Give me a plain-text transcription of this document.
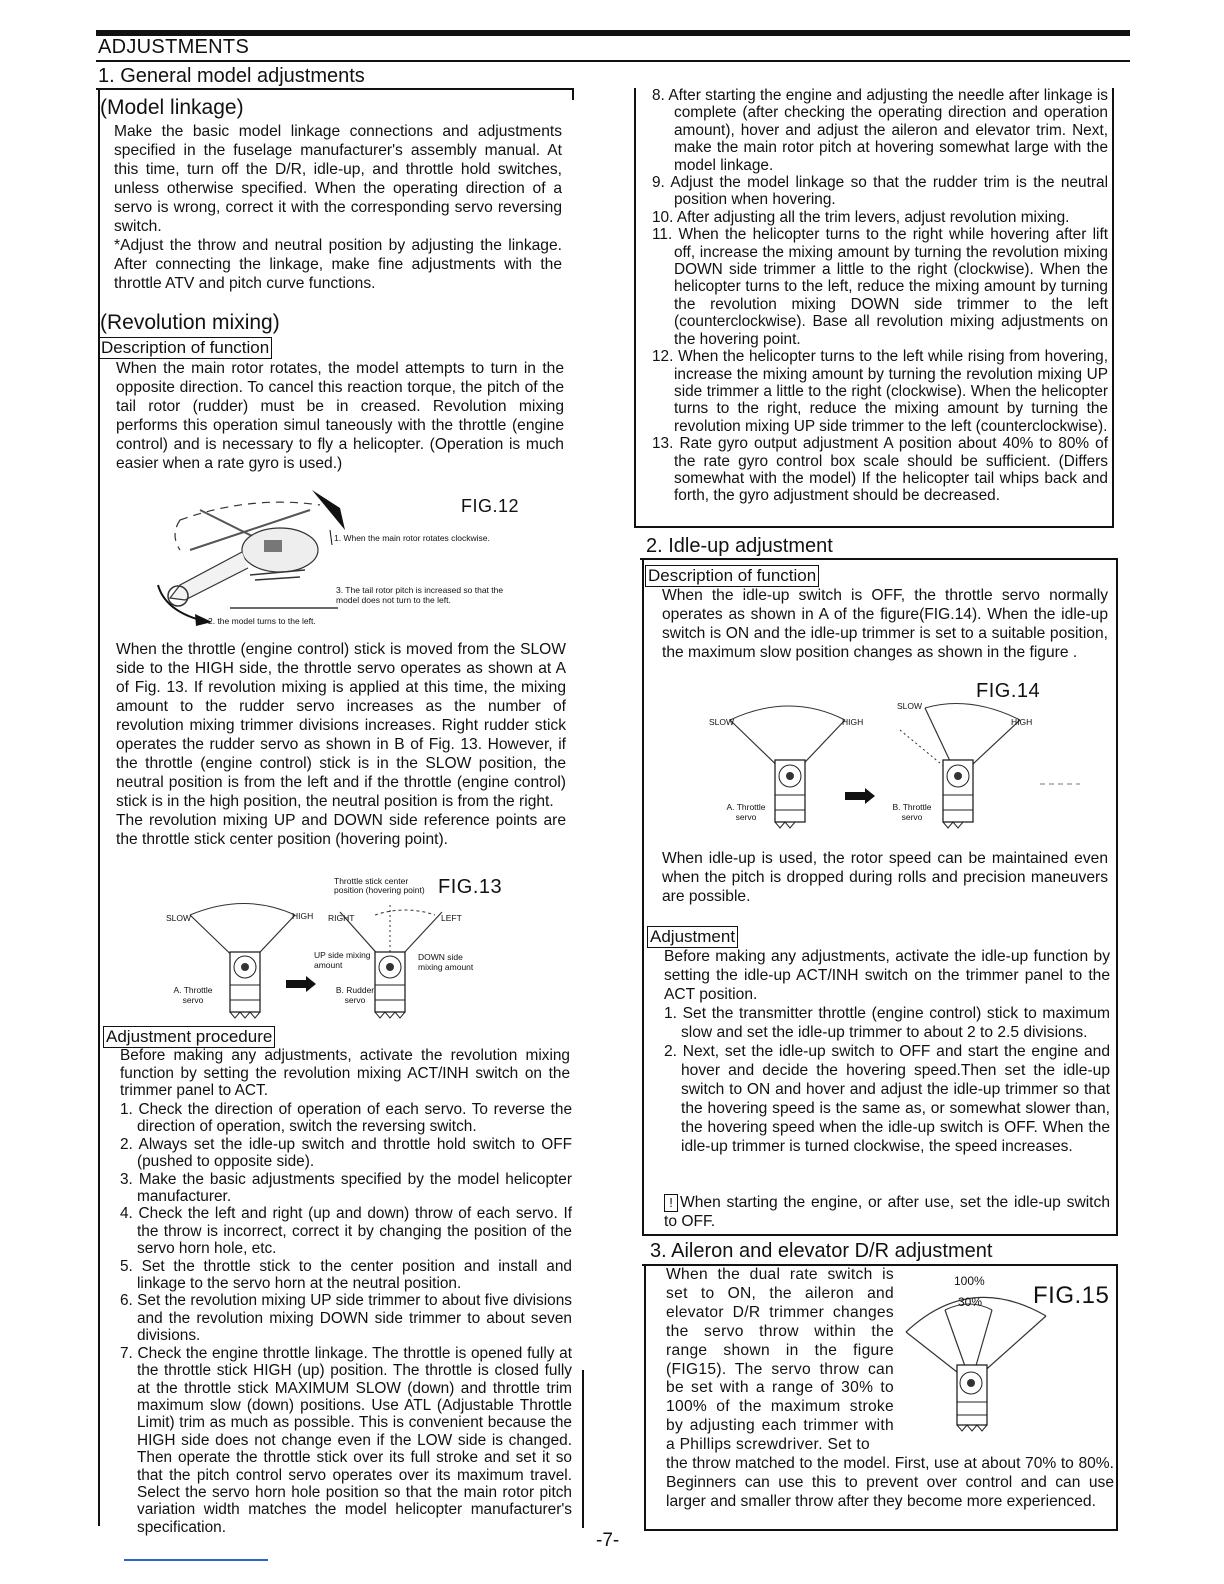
ADJUSTMENTS
1. General model adjustments
(Model linkage)

Make the basic model linkage connections and adjustments specified in the fuselage manufacturer's assembly manual. At this time, turn off the D/R, idle-up, and throttle hold switches, unless otherwise specified. When the operating direction of a servo is wrong, correct it with the corresponding servo reversing switch.

*Adjust the throw and neutral position by adjusting the linkage. After connecting the linkage, make fine adjustments with the throttle ATV and pitch curve functions.

(Revolution mixing)
Description of function
When the main rotor rotates, the model attempts to turn in the opposite direction. To cancel this reaction torque, the pitch of the tail rotor (rudder) must be in creased. Revolution mixing performs this operation simul taneously with the throttle (engine control) and is necessary to fly a helicopter. (Operation is much easier when a rate gyro is used.)
FIG.12
1. When the main rotor rotates clockwise.
3. The tail rotor pitch is increased so that the model does not turn to the left.
2. the model turns to the left.

When the throttle (engine control) stick is moved from the SLOW side to the HIGH side, the throttle servo operates as shown at A of Fig. 13. If revolution mixing is applied at this time, the mixing amount to the rudder servo increases as the number of revolution mixing trimmer divisions increases. Right rudder stick operates the rudder servo as shown in B of Fig. 13. However, if the throttle (engine control) stick is in the SLOW position, the neutral position is from the left and if the throttle (engine control) stick is in the high position, the neutral position is from the right.

The revolution mixing UP and DOWN side reference points are the throttle stick center position (hovering point).

Throttle stick center position (hovering point) FIG.13
SLOW	HIGH RIGHT	LEFT
UP side mixing amount
DOWN side mixing amount
A. Throttle servo
B. Rudder servo
Adjustment procedure
Before making any adjustments, activate the revolution mixing function by setting the revolution mixing ACT/INH switch on the trimmer panel to ACT.
1. Check the direction of operation of each servo. To reverse the direction of operation, switch the reversing switch.
2. Always set the idle-up switch and throttle hold switch to OFF (pushed to opposite side).
3. Make the basic adjustments specified by the model helicopter manufacturer.
4. Check the left and right (up and down) throw of each servo. If the throw is incorrect, correct it by changing the position of the servo horn hole, etc.
5. Set the throttle stick to the center position and install and linkage to the servo horn at the neutral position.
6. Set the revolution mixing UP side trimmer to about five divisions and the revolution mixing DOWN side trimmer to about seven divisions.
7. Check the engine throttle linkage. The throttle is opened fully at the throttle stick HIGH (up) position. The throttle is closed fully at the throttle stick MAXIMUM SLOW (down) and throttle trim maximum slow (down) positions. Use ATL (Adjustable Throttle Limit) trim as much as possible. This is convenient because the HIGH side does not change even if the LOW side is changed. Then operate the throttle stick over its full stroke and set it so that the pitch control servo operates over its maximum travel. Select the servo horn hole position so that the main rotor pitch variation width matches the model helicopter manufacturer's specification.
8. After starting the engine and adjusting the needle after linkage is complete (after checking the operating direction and operation amount), hover and adjust the aileron and elevator trim. Next, make the main rotor pitch at hovering somewhat large with the model linkage.
9. Adjust the model linkage so that the rudder trim is the neutral position when hovering.
10. After adjusting all the trim levers, adjust revolution mixing.
11. When the helicopter turns to the right while hovering after lift off, increase the mixing amount by turning the revolution mixing DOWN side trimmer a little to the right (clockwise). When the helicopter turns to the left, reduce the mixing amount by turning the revolution mixing DOWN side trimmer to the left (counterclockwise). Base all revolution mixing adjustments on the hovering point.
12. When the helicopter turns to the left while rising from hovering, increase the mixing amount by turning the revolution mixing UP side trimmer a little to the right (clockwise). When the helicopter turns to the right, reduce the mixing amount by turning the revolution mixing UP side trimmer to the left (counterclockwise).
13. Rate gyro output adjustment A position about 40% to 80% of the rate gyro control box scale should be sufficient. (Differs somewhat with the model) If the helicopter tail whips back and forth, the gyro adjustment should be decreased.
2. Idle-up adjustment
Description of function
When the idle-up switch is OFF, the throttle servo normally operates as shown in A of the figure(FIG.14). When the idle-up switch is ON and the idle-up trimmer is set to a suitable position, the maximum slow position changes as shown in the figure .
FIG.14
SLOW	HIGH
SLOW
HIGH
A. Throttle servo
B. Throttle servo
When idle-up is used, the rotor speed can be maintained even when the pitch is dropped during rolls and precision maneuvers are possible.
Adjustment
Before making any adjustments, activate the idle-up function by setting the idle-up ACT/INH switch on the trimmer panel to the ACT position.
1. Set the transmitter throttle (engine control) stick to maximum slow and set the idle-up trimmer to about 2 to 2.5 divisions.
2. Next, set the idle-up switch to OFF and start the engine and hover and decide the hovering speed.Then set the idle-up switch to ON and hover and adjust the idle-up trimmer so that the hovering speed is the same as, or somewhat slower than, the hovering speed when the idle-up switch is OFF. When the idle-up trimmer is turned clockwise, the speed increases.
! When starting the engine, or after use, set the idle-up switch to OFF.
3. Aileron and elevator D/R adjustment
When the dual rate switch is set to ON, the aileron and elevator D/R trimmer changes the servo throw within the range shown in the figure (FIG15). The servo throw can be set with a range of 30% to 100% of the maximum stroke by adjusting each trimmer with a Phillips screwdriver. Set to
the throw matched to the model. First, use at about 70% to 80%. Beginners can use this to prevent over control and can use larger and smaller throw after they become more experienced.
100%
30% FIG.15
-7-
